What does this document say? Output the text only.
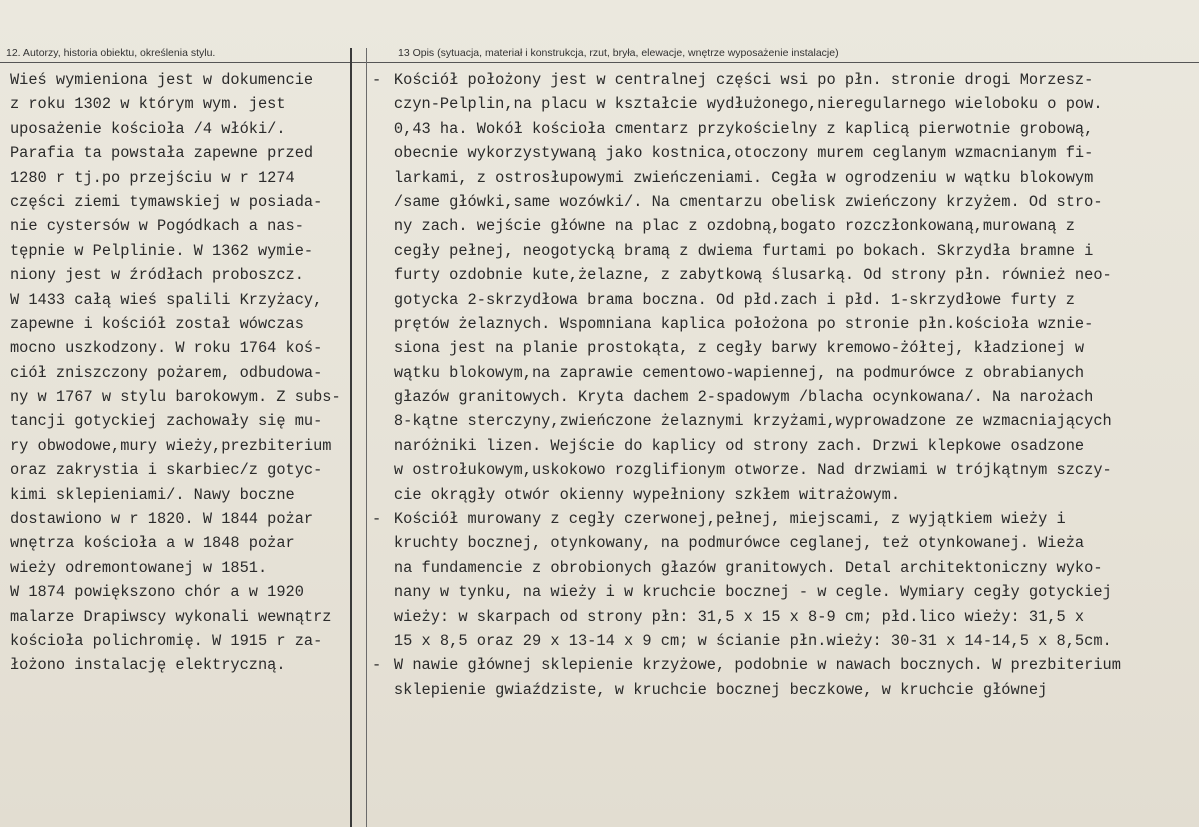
12. Autorzy, historia obiektu, określenia stylu.	13 Opis (sytuacja, materiał i konstrukcja, rzut, bryła, elewacje, wnętrze wyposażenie instalacje)
Wieś wymieniona jest w dokumencie
z roku 1302 w którym wym. jest
uposażenie kościoła /4 włóki/.
Parafia ta powstała zapewne przed
1280 r tj.po przejściu w r 1274
części ziemi tymawskiej w posiada-
nie cystersów w Pogódkach a nas-
tępnie w Pelplinie. W 1362 wymie-
niony jest w źródłach proboszcz.
W 1433 całą wieś spalili Krzyżacy,
zapewne i kościół został wówczas
mocno uszkodzony. W roku 1764 koś-
ciół zniszczony pożarem, odbudowa-
ny w 1767 w stylu barokowym. Z subs-
tancji gotyckiej zachowały się mu-
ry obwodowe,mury wieży,prezbiterium
oraz zakrystia i skarbiec/z gotyc-
kimi sklepieniami/. Nawy boczne
dostawiono w r 1820. W 1844 pożar
wnętrza kościoła a w 1848 pożar
wieży odremontowanej w 1851.
W 1874 powiększono chór a w 1920
malarze Drapiwscy wykonali wewnątrz
kościoła polichromię. W 1915 r za-
łożono instalację elektryczną.
- Kościół położony jest w centralnej części wsi po płn. stronie drogi Morzesz-
czyn-Pelplin,na placu w kształcie wydłużonego,nieregularnego wieloboku o pow.
0,43 ha. Wokół kościoła cmentarz przykościelny z kaplicą pierwotnie grobową,
obecnie wykorzystywaną jako kostnica,otoczony murem ceglanym wzmacnianym fi-
larkami, z ostrosłupowymi zwieńczeniami. Cegła w ogrodzeniu w wątku blokowym
/same główki,same wozówki/. Na cmentarzu obelisk zwieńczony krzyżem. Od stro-
ny zach. wejście główne na plac z ozdobną,bogato rozczłonkowaną,murowaną z
cegły pełnej, neogotycką bramą z dwiema furtami po bokach. Skrzydła bramne i
furty ozdobnie kute,żelazne, z zabytkową ślusarką. Od strony płn. również neo-
gotycka 2-skrzydłowa brama boczna. Od płd.zach i płd. 1-skrzydłowe furty z
prętów żelaznych. Wspomniana kaplica położona po stronie płn.kościoła wznie-
siona jest na planie prostokąta, z cegły barwy kremowo-żółtej, kładzionej w
wątku blokowym,na zaprawie cementowo-wapiennej, na podmurówce z obrabianych
głazów granitowych. Kryta dachem 2-spadowym /blacha ocynkowana/. Na narożach
8-kątne sterczyny,zwieńczone żelaznymi krzyżami,wyprowadzone ze wzmacniających
naróżniki lizen. Wejście do kaplicy od strony zach. Drzwi klepkowe osadzone
w ostrołukowym,uskokowo rozglifionym otworze. Nad drzwiami w trójkątnym szczy-
cie okrągły otwór okienny wypełniony szkłem witrażowym.
- Kościół murowany z cegły czerwonej,pełnej, miejscami, z wyjątkiem wieży i
kruchty bocznej, otynkowany, na podmurówce ceglanej, też otynkowanej. Wieża
na fundamencie z obrobionych głazów granitowych. Detal architektoniczny wyko-
nany w tynku, na wieży i w kruchcie bocznej - w cegle. Wymiary cegły gotyckiej
wieży: w skarpach od strony płn: 31,5 x 15 x 8-9 cm; płd.lico wieży: 31,5 x
15 x 8,5 oraz 29 x 13-14 x 9 cm; w ścianie płn.wieży: 30-31 x 14-14,5 x 8,5cm.
- W nawie głównej sklepienie krzyżowe, podobnie w nawach bocznych. W prezbiterium
sklepienie gwiaździste, w kruchcie bocznej beczkowe, w kruchcie głównej
